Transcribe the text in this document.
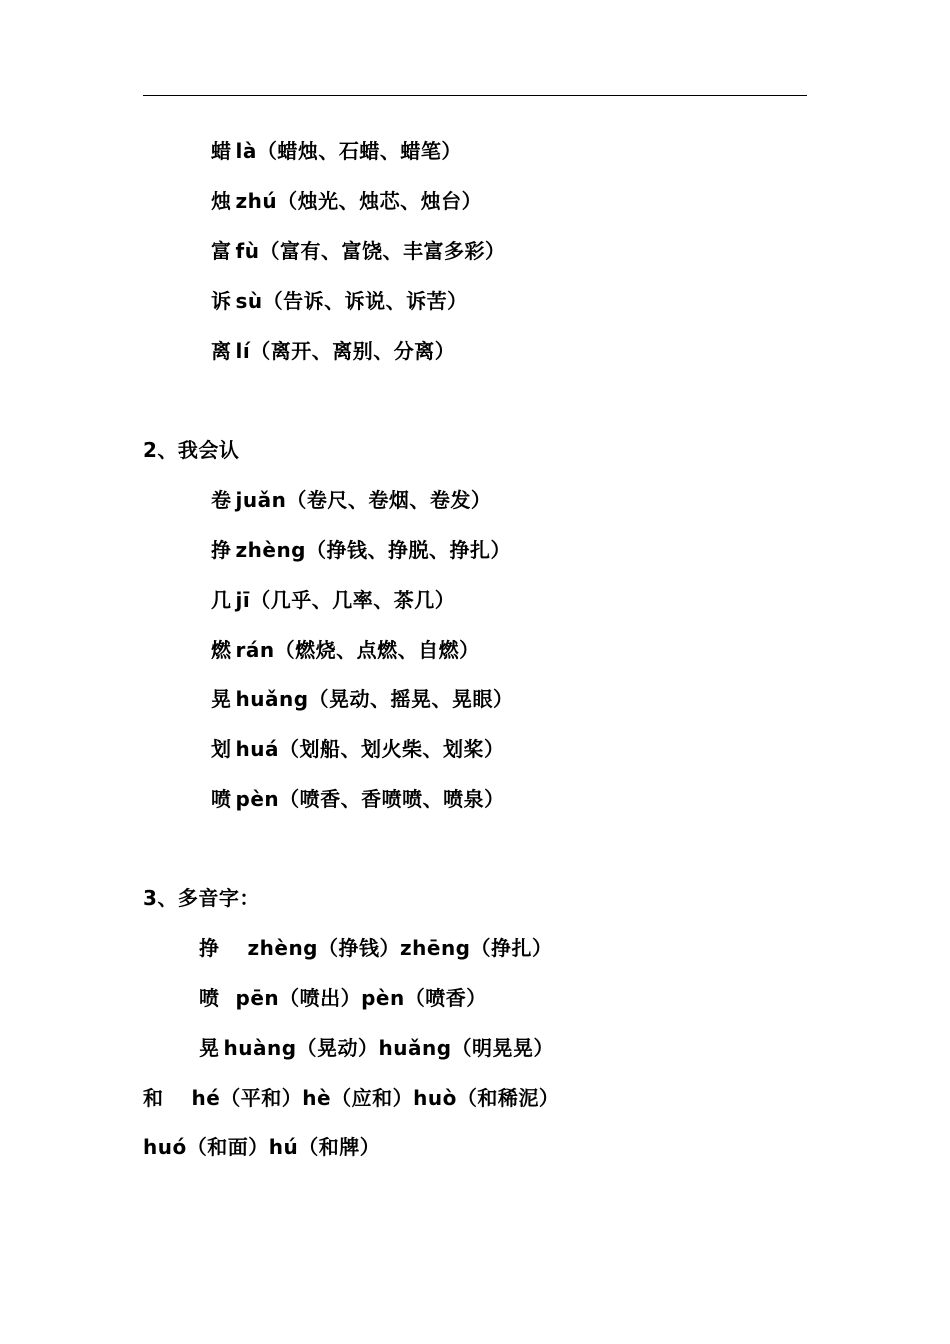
蜡 là（蜡烛、石蜡、蜡笔）
烛 zhú（烛光、烛芯、烛台）
富 fù（富有、富饶、丰富多彩）
诉 sù（告诉、诉说、诉苦）
离 lí（离开、离别、分离）
2、我会认
卷 juǎn（卷尺、卷烟、卷发）
挣 zhèng（挣钱、挣脱、挣扎）
几 jī（几乎、几率、茶几）
燃 rán（燃烧、点燃、自燃）
晃 huǎng（晃动、摇晃、晃眼）
划 huá（划船、划火柴、划桨）
喷 pèn（喷香、香喷喷、喷泉）
3、多音字：
挣 zhèng（挣钱）zhēng（挣扎）
喷 pēn（喷出）pèn（喷香）
晃 huàng（晃动）huǎng（明晃晃）
和 hé（平和）hè（应和）huò（和稀泥）
huó（和面）hú（和牌）
